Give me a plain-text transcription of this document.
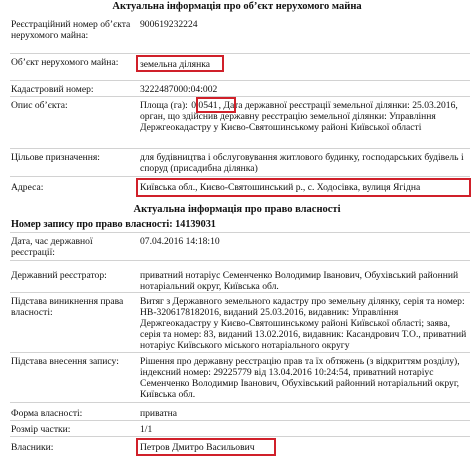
Актуальна інформація про об’єкт нерухомого майна
Реєстраційний номер об’єкта нерухомого майна:
900619232224
Об’єкт нерухомого майна:	земельна ділянка
Кадастровий номер:	3222487000:04:002
Опис об’єкта:	Площа (га): 0.0541, Дата державної реєстрації земельної ділянки: 25.03.2016, орган, що здійснив державну реєстрацію земельної ділянки: Управління Держгеокадастру у Києво-Святошинському районі Київської області
Цільове призначення:	для будівництва і обслуговування житлового будинку, господарських будівель і споруд (присадибна ділянка)
Адреса:	Київська обл., Києво-Святошинський р., с. Ходосівка, вулиця Ягідна
Актуальна інформація про право власності
Номер запису про право власності: 14139031
Дата, час державної реєстрації:
07.04.2016 14:18:10
Державний реєстратор:	приватний нотаріус Семенченко Володимир Іванович, Обухівський районний нотаріальний округ, Київська обл.
Підстава виникнення права власності:
Витяг з Державного земельного кадастру про земельну ділянку, серія та номер: НВ-3206178182016, виданий 25.03.2016, видавник: Управління Держгеокадастру у Києво-Святошинському районі Київської області; заява, серія та номер: 83, виданий 13.02.2016, видавник: Касандрович Т.О., приватний нотаріус Київського міського нотаріального округу
Підстава внесення запису:	Рішення про державну реєстрацію прав та їх обтяжень (з відкриттям розділу), індексний номер: 29225779 від 13.04.2016 10:24:54, приватний нотаріус Семенченко Володимир Іванович, Обухівський районний нотаріальний округ, Київська обл.
Форма власності:	приватна
Розмір частки:	1/1
Власники:	Петров Дмитро Васильович
